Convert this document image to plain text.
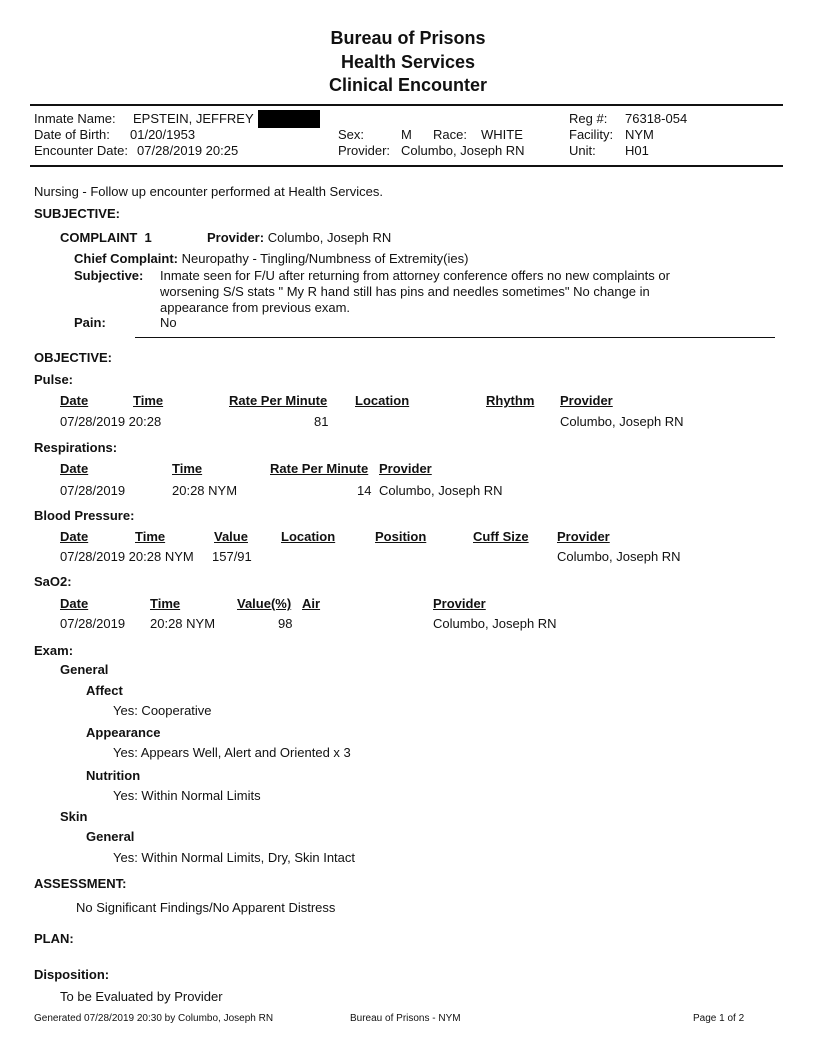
Bureau of Prisons
Health Services
Clinical Encounter
Inmate Name: EPSTEIN, JEFFREY
Date of Birth: 01/20/1953
Encounter Date: 07/28/2019 20:25
Sex:	M Race: WHITE
Provider: Columbo, Joseph RN
Reg #: 76318-054
Facility: NYM
Unit: H01
Nursing - Follow up encounter performed at Health Services.
SUBJECTIVE:
COMPLAINT 1	Provider: Columbo, Joseph RN
Chief Complaint: Neuropathy - Tingling/Numbness of Extremity(ies)
Subjective: Inmate seen for F/U after returning from attorney conference offers no new complaints or
worsening S/S stats " My R hand still has pins and needles sometimes" No change in
appearance from previous exam.
Pain:	No
OBJECTIVE:
Pulse:
Date	Time	Rate Per Minute Location	Rhythm Provider
07/28/2019 20:28	81	Columbo, Joseph RN
Respirations:
Date	Time	Rate Per Minute Provider
07/28/2019	20:28 NYM	14 Columbo, Joseph RN
Blood Pressure:
Date	Time	Value	Location	Position	Cuff Size Provider
07/28/2019 20:28 NYM 157/91	Columbo, Joseph RN
SaO2:
Date	Time	Value(%) Air	Provider
07/28/2019 20:28 NYM	98	Columbo, Joseph RN
Exam:
General
Affect
Yes: Cooperative
Appearance
Yes: Appears Well, Alert and Oriented x 3
Nutrition
Yes: Within Normal Limits
Skin
General
Yes: Within Normal Limits, Dry, Skin Intact
ASSESSMENT:
No Significant Findings/No Apparent Distress
PLAN:
Disposition:
To be Evaluated by Provider
Generated 07/28/2019 20:30 by Columbo, Joseph RN	Bureau of Prisons - NYM	Page 1 of 2
